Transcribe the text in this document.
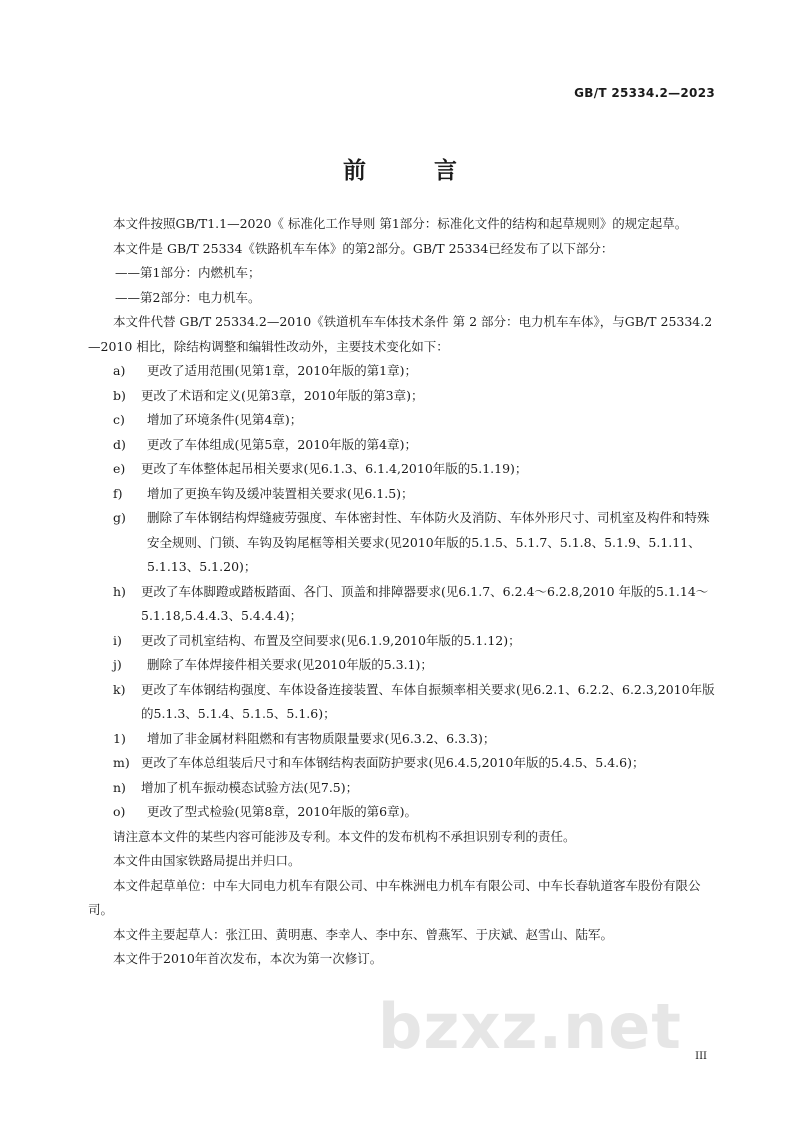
GB/T 25334.2—2023
前 言

本文件按照GB/T1.1—2020《 标准化工作导则 第1部分：标准化文件的结构和起草规则》的规定起草。

本文件是 GB/T 25334《铁路机车车体》的第2部分。GB/T 25334已经发布了以下部分：

——第1部分：内燃机车；

——第2部分：电力机车。

本文件代替 GB/T 25334.2—2010《铁道机车车体技术条件 第 2 部分：电力机车车体》，与GB/T 25334.2—2010 相比，除结构调整和编辑性改动外，主要技术变化如下：

a)	更改了适用范围(见第1章，2010年版的第1章)；
b)	更改了术语和定义(见第3章，2010年版的第3章)；
c)	增加了环境条件(见第4章)；
d)	更改了车体组成(见第5章，2010年版的第4章)；
e)	更改了车体整体起吊相关要求(见6.1.3、6.1.4,2010年版的5.1.19)；
f)	增加了更换车钩及缓冲装置相关要求(见6.1.5)；
g)	删除了车体钢结构焊缝疲劳强度、车体密封性、车体防火及消防、车体外形尺寸、司机室及构件和特殊安全规则、门锁、车钩及钩尾框等相关要求(见2010年版的5.1.5、5.1.7、5.1.8、5.1.9、5.1.11、5.1.13、5.1.20)；
h)	更改了车体脚蹬或踏板踏面、各门、顶盖和排障器要求(见6.1.7、6.2.4～6.2.8,2010 年版的5.1.14～5.1.18,5.4.4.3、5.4.4.4)；
i)	更改了司机室结构、布置及空间要求(见6.1.9,2010年版的5.1.12)；
j)	删除了车体焊接件相关要求(见2010年版的5.3.1)；
k)	更改了车体钢结构强度、车体设备连接装置、车体自振频率相关要求(见6.2.1、6.2.2、6.2.3,2010年版的5.1.3、5.1.4、5.1.5、5.1.6)；
1)	增加了非金属材料阻燃和有害物质限量要求(见6.3.2、6.3.3)；
m) 更改了车体总组装后尺寸和车体钢结构表面防护要求(见6.4.5,2010年版的5.4.5、5.4.6)；
n)	增加了机车振动模态试验方法(见7.5)；
o)	更改了型式检验(见第8章，2010年版的第6章)。

请注意本文件的某些内容可能涉及专利。本文件的发布机构不承担识别专利的责任。

本文件由国家铁路局提出并归口。

本文件起草单位：中车大同电力机车有限公司、中车株洲电力机车有限公司、中车长春轨道客车股份有限公司。

本文件主要起草人：张江田、黄明惠、李幸人、李中东、曾燕军、于庆斌、赵雪山、陆军。

本文件于2010年首次发布，本次为第一次修订。

bzxz.net III
